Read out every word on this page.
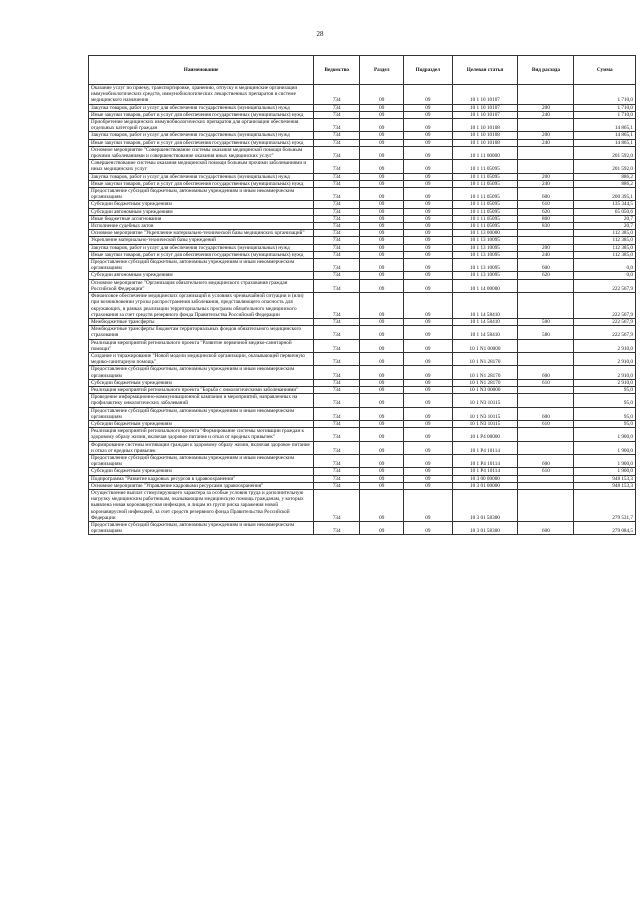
28
Наименование	Ведомство	Раздел	Подраздел	Целевая статья	Вид расхода	Сумма
Оказание услуг по приему, транспортировке, хранению, отпуску в медицинские организации иммунобиологических средств, иммунобиологических лекарственных препаратов в системе медицинского назначения	734	09	09	10 1 10 10107		1 710,0
Закупка товаров, работ и услуг для обеспечения государственных (муниципальных) нужд	734	09	09	10 1 10 10107	200	1 710,0
Иные закупки товаров, работ и услуг для обеспечения государственных (муниципальных) нужд	734	09	09	10 1 10 10107	240	1 710,0
Приобретение медицинских иммунобиологических препаратов для организации обеспечения отдельных категорий граждан	734	09	09	10 1 10 10108		14 865,1
Закупка товаров, работ и услуг для обеспечения государственных (муниципальных) нужд	734	09	09	10 1 10 10108	200	14 865,1
Иные закупки товаров, работ и услуг для обеспечения государственных (муниципальных) нужд	734	09	09	10 1 10 10108	240	14 865,1
Основное мероприятие "Совершенствование системы оказания медицинской помощи больным прочими заболеваниями и совершенствование оказания иных медицинских услуг"	734	09	09	10 1 11 00000		201 592,0
Совершенствование системы оказания медицинской помощи больным прочими заболеваниями и иных медицинских услуг	734	09	09	10 1 11 05095		201 592,0
Закупка товаров, работ и услуг для обеспечения государственных (муниципальных) нужд	734	09	09	10 1 11 05095	200	886,2
Иные закупки товаров, работ и услуг для обеспечения государственных (муниципальных) нужд	734	09	09	10 1 11 05095	240	886,2
Предоставление субсидий бюджетным, автономным учреждениям и иным некоммерческим организациям	734	09	09	10 1 11 05095	600	200 395,1
Субсидии бюджетным учреждениям	734	09	09	10 1 11 05095	610	135 344,5
Субсидии автономным учреждениям	734	09	09	10 1 11 05095	620	65 050,6
Иные бюджетные ассигнования	734	09	09	10 1 11 05095	800	20,7
Исполнение судебных актов	734	09	09	10 1 11 05095	830	20,7
Основное мероприятие "Укрепление материально-технической базы медицинских организаций"	734	09	09	10 1 13 00000		112 385,0
Укрепление материально-технической базы учреждений	734	09	09	10 1 13 10095		112 385,0
Закупка товаров, работ и услуг для обеспечения государственных (муниципальных) нужд	734	09	09	10 1 13 10095	200	112 385,0
Иные закупки товаров, работ и услуг для обеспечения государственных (муниципальных) нужд	734	09	09	10 1 13 10095	240	112 385,0
Предоставление субсидий бюджетным, автономным учреждениям и иным некоммерческим организациям	734	09	09	10 1 13 10095	600	0,0
Субсидии автономным учреждениям	734	09	09	10 1 13 10095	620	0,0
Основное мероприятие "Организация обязательного медицинского страхования граждан Российской Федерации"	734	09	09	10 1 14 00000		222 567,9
Финансовое обеспечение медицинских организаций в условиях чрезвычайной ситуации и (или) при возникновении угрозы распространения заболевания, представляющего опасность для окружающих, в рамках реализации территориальных программ обязательного медицинского страхования за счет средств резервного фонда Правительства Российской Федерации	734	09	09	10 1 14 58410		222 567,9
Межбюджетные трансферты	734	09	09	10 1 14 58410	500	222 567,9
Межбюджетные трансферты бюджетам территориальных фондов обязательного медицинского страхования	734	09	09	10 1 14 58410	580	222 567,9
Реализация мероприятий регионального проекта "Развитие первичной медико-санитарной помощи"	734	09	09	10 1 N1 00000		2 910,0
Создание и тиражирование "Новой модели медицинской организации, оказывающей первичную медико-санитарную помощь"	734	09	09	10 1 N1 28170		2 910,0
Предоставление субсидий бюджетным, автономным учреждениям и иным некоммерческим организациям	734	09	09	10 1 N1 28170	600	2 910,0
Субсидии бюджетным учреждениям	734	09	09	10 1 N1 28170	610	2 910,0
Реализация мероприятий регионального проекта "Борьба с онкологическими заболеваниями"	734	09	09	10 1 N3 00000		95,0
Проведение информационно-коммуникационной кампании и мероприятий, направленных на профилактику онкологических заболеваний	734	09	09	10 1 N3 10115		95,0
Предоставление субсидий бюджетным, автономным учреждениям и иным некоммерческим организациям	734	09	09	10 1 N3 10115	600	95,0
Субсидии бюджетным учреждениям	734	09	09	10 1 N3 10115	610	95,0
Реализация мероприятий регионального проекта "Формирование системы мотивации граждан к здоровому образу жизни, включая здоровое питание и отказ от вредных привычек"	734	09	09	10 1 P4 00000		1 900,0
Формирование системы мотивации граждан к здоровому образу жизни, включая здоровое питание и отказ от вредных привычек	734	09	09	10 1 P4 10114		1 900,0
Предоставление субсидий бюджетным, автономным учреждениям и иным некоммерческим организациям	734	09	09	10 1 P4 10114	600	1 900,0
Субсидии бюджетным учреждениям	734	09	09	10 1 P4 10114	610	1 900,0
Подпрограмма "Развитие кадровых ресурсов в здравоохранении"	734	09	09	10 3 00 00000		948 153,3
Основное мероприятие "Управление кадровыми ресурсами здравоохранения"	734	09	09	10 3 01 00000		948 153,3
Осуществление выплат стимулирующего характера за особые условия труда и дополнительную нагрузку медицинским работникам, оказывающим медицинскую помощь гражданам, у которых выявлена новая коронавирусная инфекция, и лицам из групп риска заражения новой коронавирусной инфекцией, за счет средств резервного фонда Правительства Российской Федерации	734	09	09	10 3 01 58300		279 531,7
Предоставление субсидий бюджетным, автономным учреждениям и иным некоммерческим организациям	734	09	09	10 3 01 58300	600	279 084,5
